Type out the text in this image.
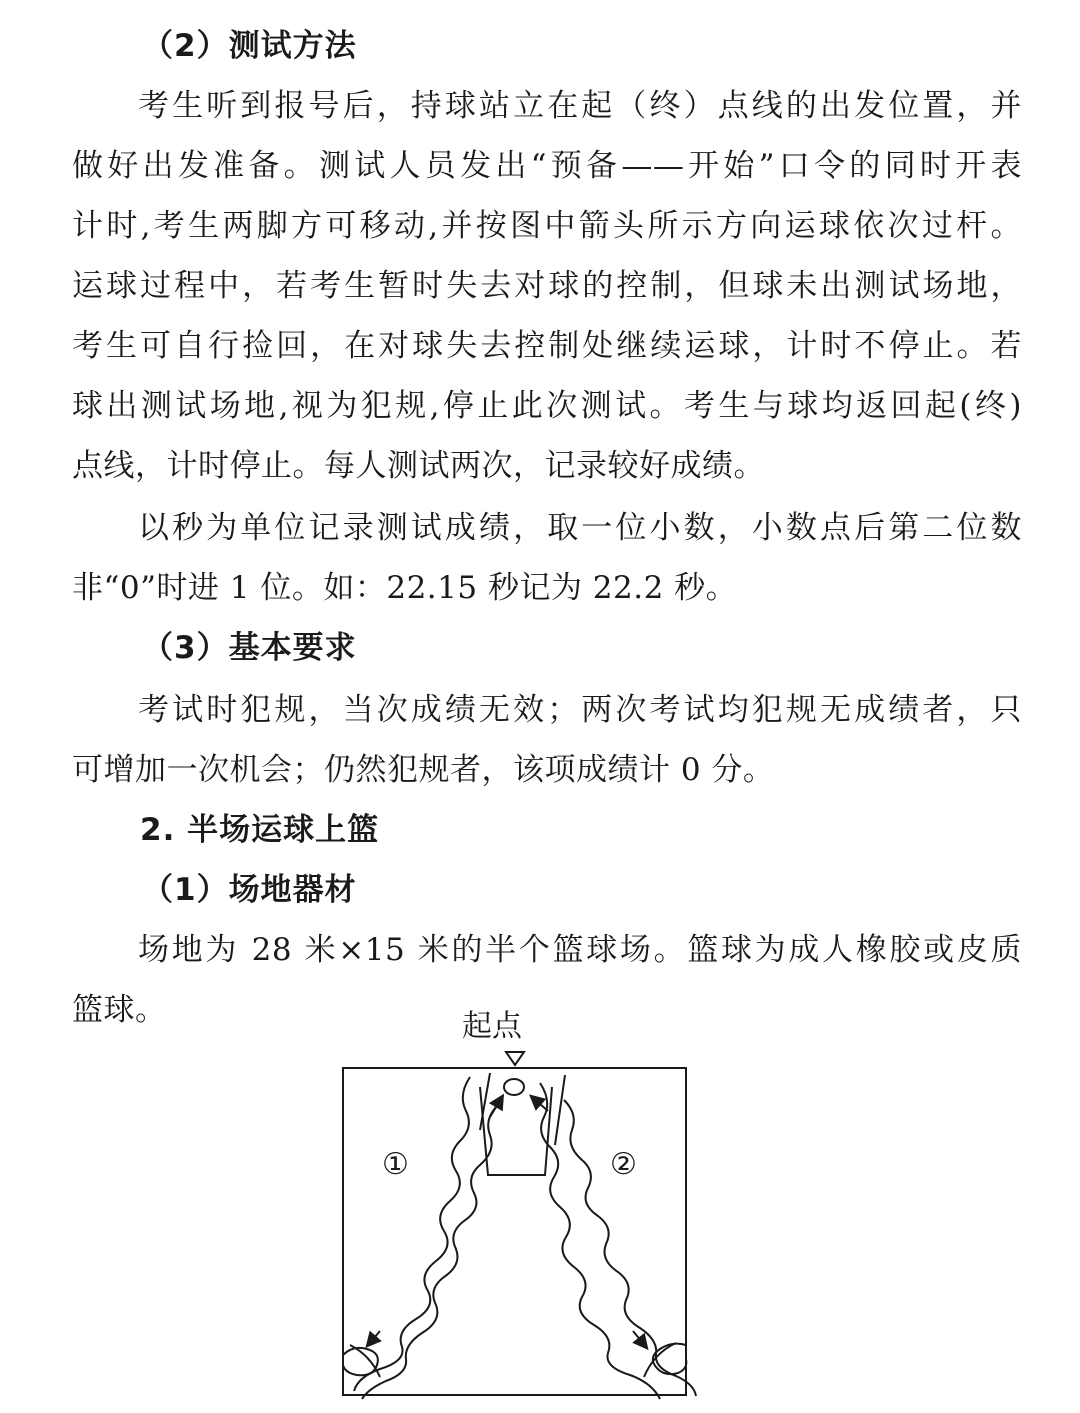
（2）测试方法
考生听到报号后，持球站立在起（终）点线的出发位置，并
做好出发准备。测试人员发出“预备——开始”口令的同时开表
计时,考生两脚方可移动,并按图中箭头所示方向运球依次过杆。
运球过程中，若考生暂时失去对球的控制，但球未出测试场地，
考生可自行捡回，在对球失去控制处继续运球，计时不停止。若
球出测试场地,视为犯规,停止此次测试。考生与球均返回起(终)
点线，计时停止。每人测试两次，记录较好成绩。
以秒为单位记录测试成绩，取一位小数，小数点后第二位数
非“0”时进 1 位。如：22.15 秒记为 22.2 秒。
（3）基本要求
考试时犯规，当次成绩无效；两次考试均犯规无成绩者，只
可增加一次机会；仍然犯规者，该项成绩计 0 分。
2. 半场运球上篮
（1）场地器材
场地为 28 米×15 米的半个篮球场。篮球为成人橡胶或皮质
篮球。	起点
①	②
